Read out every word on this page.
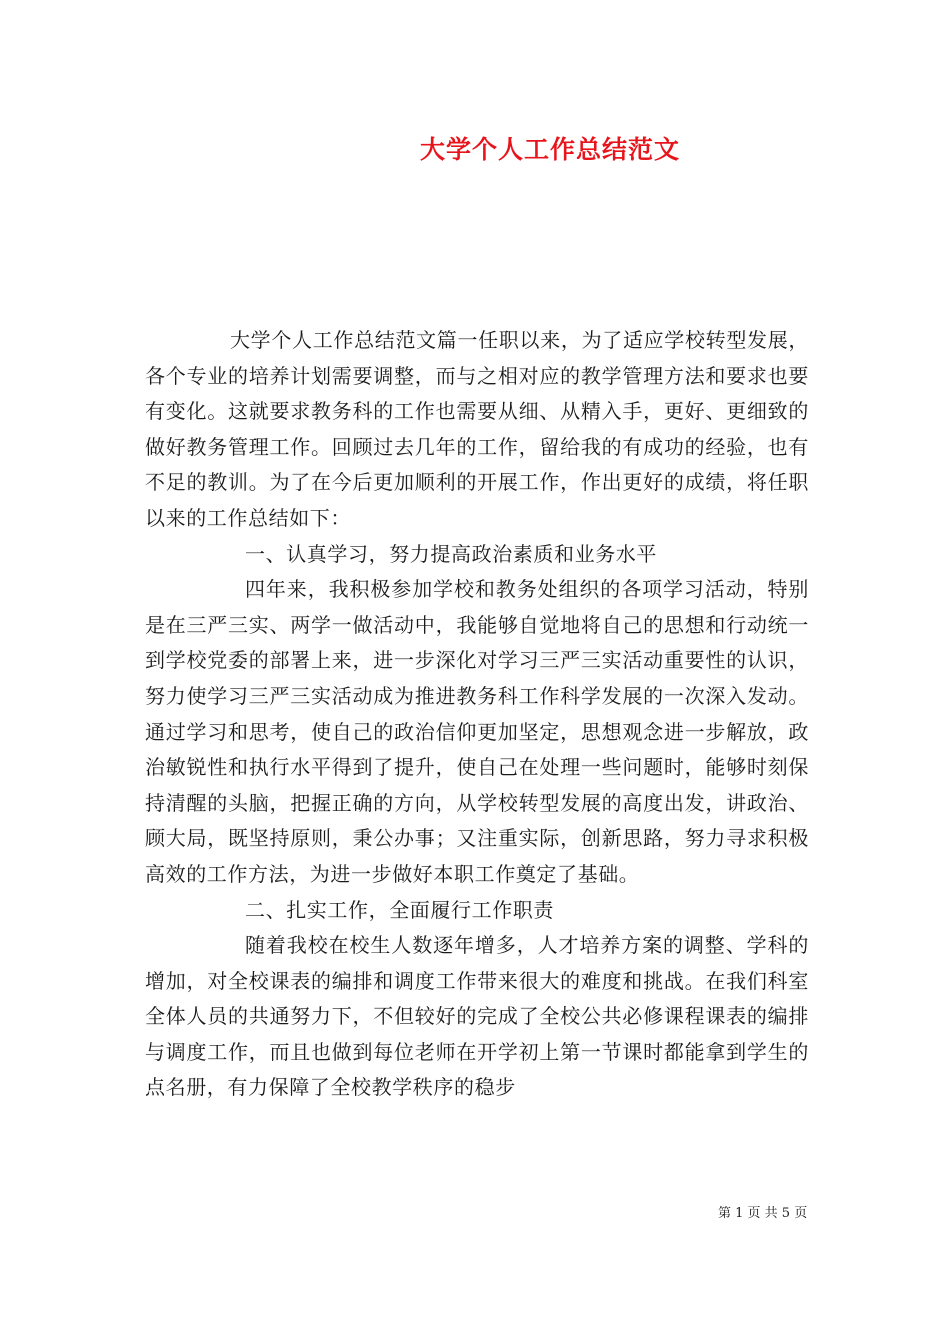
大学个人工作总结范文

大学个人工作总结范文篇一任职以来，为了适应学校转型发展，各个专业的培养计划需要调整，而与之相对应的教学管理方法和要求也要有变化。这就要求教务科的工作也需要从细、从精入手，更好、更细致的做好教务管理工作。回顾过去几年的工作，留给我的有成功的经验，也有不足的教训。为了在今后更加顺利的开展工作，作出更好的成绩，将任职以来的工作总结如下：

一、认真学习，努力提高政治素质和业务水平

四年来，我积极参加学校和教务处组织的各项学习活动，特别是在三严三实、两学一做活动中，我能够自觉地将自己的思想和行动统一到学校党委的部署上来，进一步深化对学习三严三实活动重要性的认识，努力使学习三严三实活动成为推进教务科工作科学发展的一次深入发动。通过学习和思考，使自己的政治信仰更加坚定，思想观念进一步解放，政治敏锐性和执行水平得到了提升，使自己在处理一些问题时，能够时刻保持清醒的头脑，把握正确的方向，从学校转型发展的高度出发，讲政治、顾大局，既坚持原则，秉公办事；又注重实际，创新思路，努力寻求积极高效的工作方法，为进一步做好本职工作奠定了基础。

二、扎实工作，全面履行工作职责

随着我校在校生人数逐年增多，人才培养方案的调整、学科的增加，对全校课表的编排和调度工作带来很大的难度和挑战。在我们科室全体人员的共通努力下，不但较好的完成了全校公共必修课程课表的编排与调度工作，而且也做到每位老师在开学初上第一节课时都能拿到学生的点名册，有力保障了全校教学秩序的稳步

第 1 页 共 5 页
